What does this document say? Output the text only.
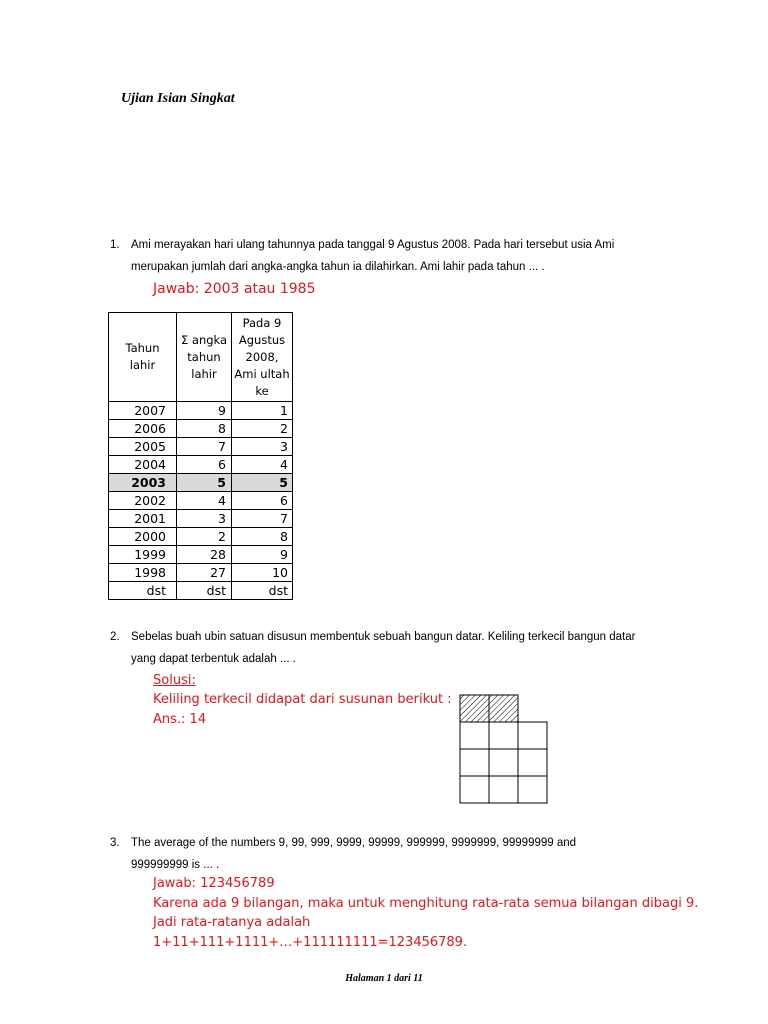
Ujian Isian Singkat
1. Ami merayakan hari ulang tahunnya pada tanggal 9 Agustus 2008. Pada hari tersebut usia Ami
merupakan jumlah dari angka-angka tahun ia dilahirkan. Ami lahir pada tahun ... .
Jawab: 2003 atau 1985
Tahun lahir	Σ angka tahun lahir	Pada 9 Agustus 2008, Ami ultah ke
2007	9	1
2006	8	2
2005	7	3
2004	6	4
2003	5	5
2002	4	6
2001	3	7
2000	2	8
1999	28	9
1998	27	10
dst	dst	dst
2. Sebelas buah ubin satuan disusun membentuk sebuah bangun datar. Keliling terkecil bangun datar
yang dapat terbentuk adalah ... .
Solusi:
Keliling terkecil didapat dari susunan berikut :
Ans.: 14
3. The average of the numbers 9, 99, 999, 9999, 99999, 999999, 9999999, 99999999 and
999999999 is ... .
Jawab: 123456789
Karena ada 9 bilangan, maka untuk menghitung rata-rata semua bilangan dibagi 9.
Jadi rata-ratanya adalah
1+11+111+1111+…+111111111=123456789.
Halaman 1 dari 11
